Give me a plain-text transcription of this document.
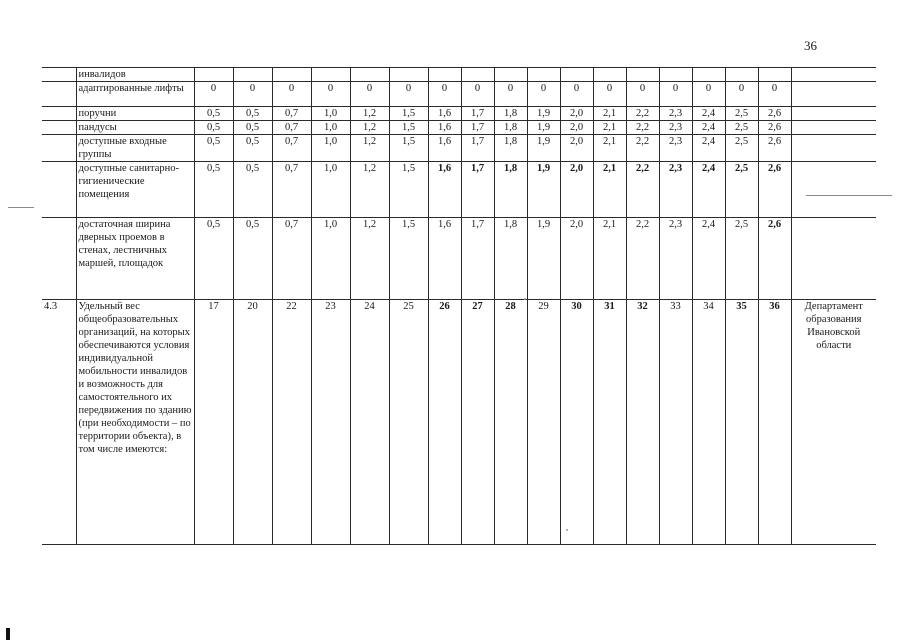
36
	инвалидов																		
	адаптированные лифты	0	0	0	0	0	0	0	0	0	0	0	0	0	0	0	0	0	
	поручни	0,5	0,5	0,7	1,0	1,2	1,5	1,6	1,7	1,8	1,9	2,0	2,1	2,2	2,3	2,4	2,5	2,6	
	пандусы	0,5	0,5	0,7	1,0	1,2	1,5	1,6	1,7	1,8	1,9	2,0	2,1	2,2	2,3	2,4	2,5	2,6	
	доступные входные группы	0,5	0,5	0,7	1,0	1,2	1,5	1,6	1,7	1,8	1,9	2,0	2,1	2,2	2,3	2,4	2,5	2,6	
	доступные санитарно-гигиенические помещения	0,5	0,5	0,7	1,0	1,2	1,5	1,6	1,7	1,8	1,9	2,0	2,1	2,2	2,3	2,4	2,5	2,6	
	достаточная ширина дверных проемов в стенах, лестничных маршей, площадок	0,5	0,5	0,7	1,0	1,2	1,5	1,6	1,7	1,8	1,9	2,0	2,1	2,2	2,3	2,4	2,5	2,6	
4.3	Удельный вес общеобразовательных организаций, на которых обеспечиваются условия индивидуальной мобильности инвалидов и возможность для самостоятельного их передвижения по зданию (при необходимости – по территории объекта), в том числе имеются:	17	20	22	23	24	25	26	27	28	29	30	31	32	33	34	35	36	Департамент образования Ивановской области
